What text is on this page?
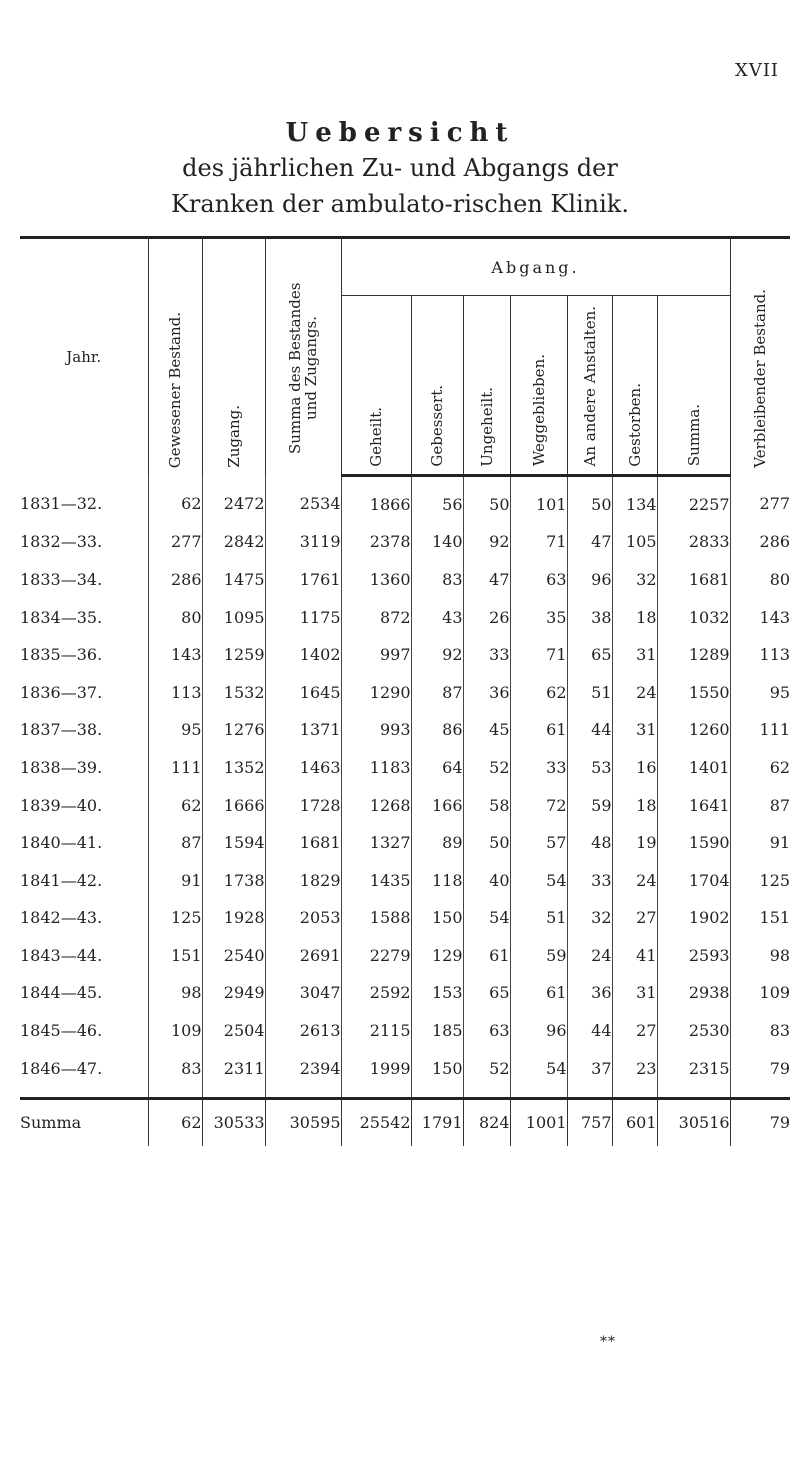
XVII
Uebersicht
des jährlichen Zu- und Abgangs der Kranken der ambulato-rischen Klinik.
Jahr.	Gewesener Bestand.	Zugang.	Summa des Bestandes und Zugangs.	Abgang.							Verbleibender Bestand.
				Geheilt.	Gebessert.	Ungeheilt.	Weggeblieben.	An andere Anstalten.	Gestorben.	Summa.	
1831—32.	62	2472	2534	1866	56	50	101	50	134	2257	277
1832—33.	277	2842	3119	2378	140	92	71	47	105	2833	286
1833—34.	286	1475	1761	1360	83	47	63	96	32	1681	80
1834—35.	80	1095	1175	872	43	26	35	38	18	1032	143
1835—36.	143	1259	1402	997	92	33	71	65	31	1289	113
1836—37.	113	1532	1645	1290	87	36	62	51	24	1550	95
1837—38.	95	1276	1371	993	86	45	61	44	31	1260	111
1838—39.	111	1352	1463	1183	64	52	33	53	16	1401	62
1839—40.	62	1666	1728	1268	166	58	72	59	18	1641	87
1840—41.	87	1594	1681	1327	89	50	57	48	19	1590	91
1841—42.	91	1738	1829	1435	118	40	54	33	24	1704	125
1842—43.	125	1928	2053	1588	150	54	51	32	27	1902	151
1843—44.	151	2540	2691	2279	129	61	59	24	41	2593	98
1844—45.	98	2949	3047	2592	153	65	61	36	31	2938	109
1845—46.	109	2504	2613	2115	185	63	96	44	27	2530	83
1846—47.	83	2311	2394	1999	150	52	54	37	23	2315	79
Summa	62	30533	30595	25542	1791	824	1001	757	601	30516	79
**
